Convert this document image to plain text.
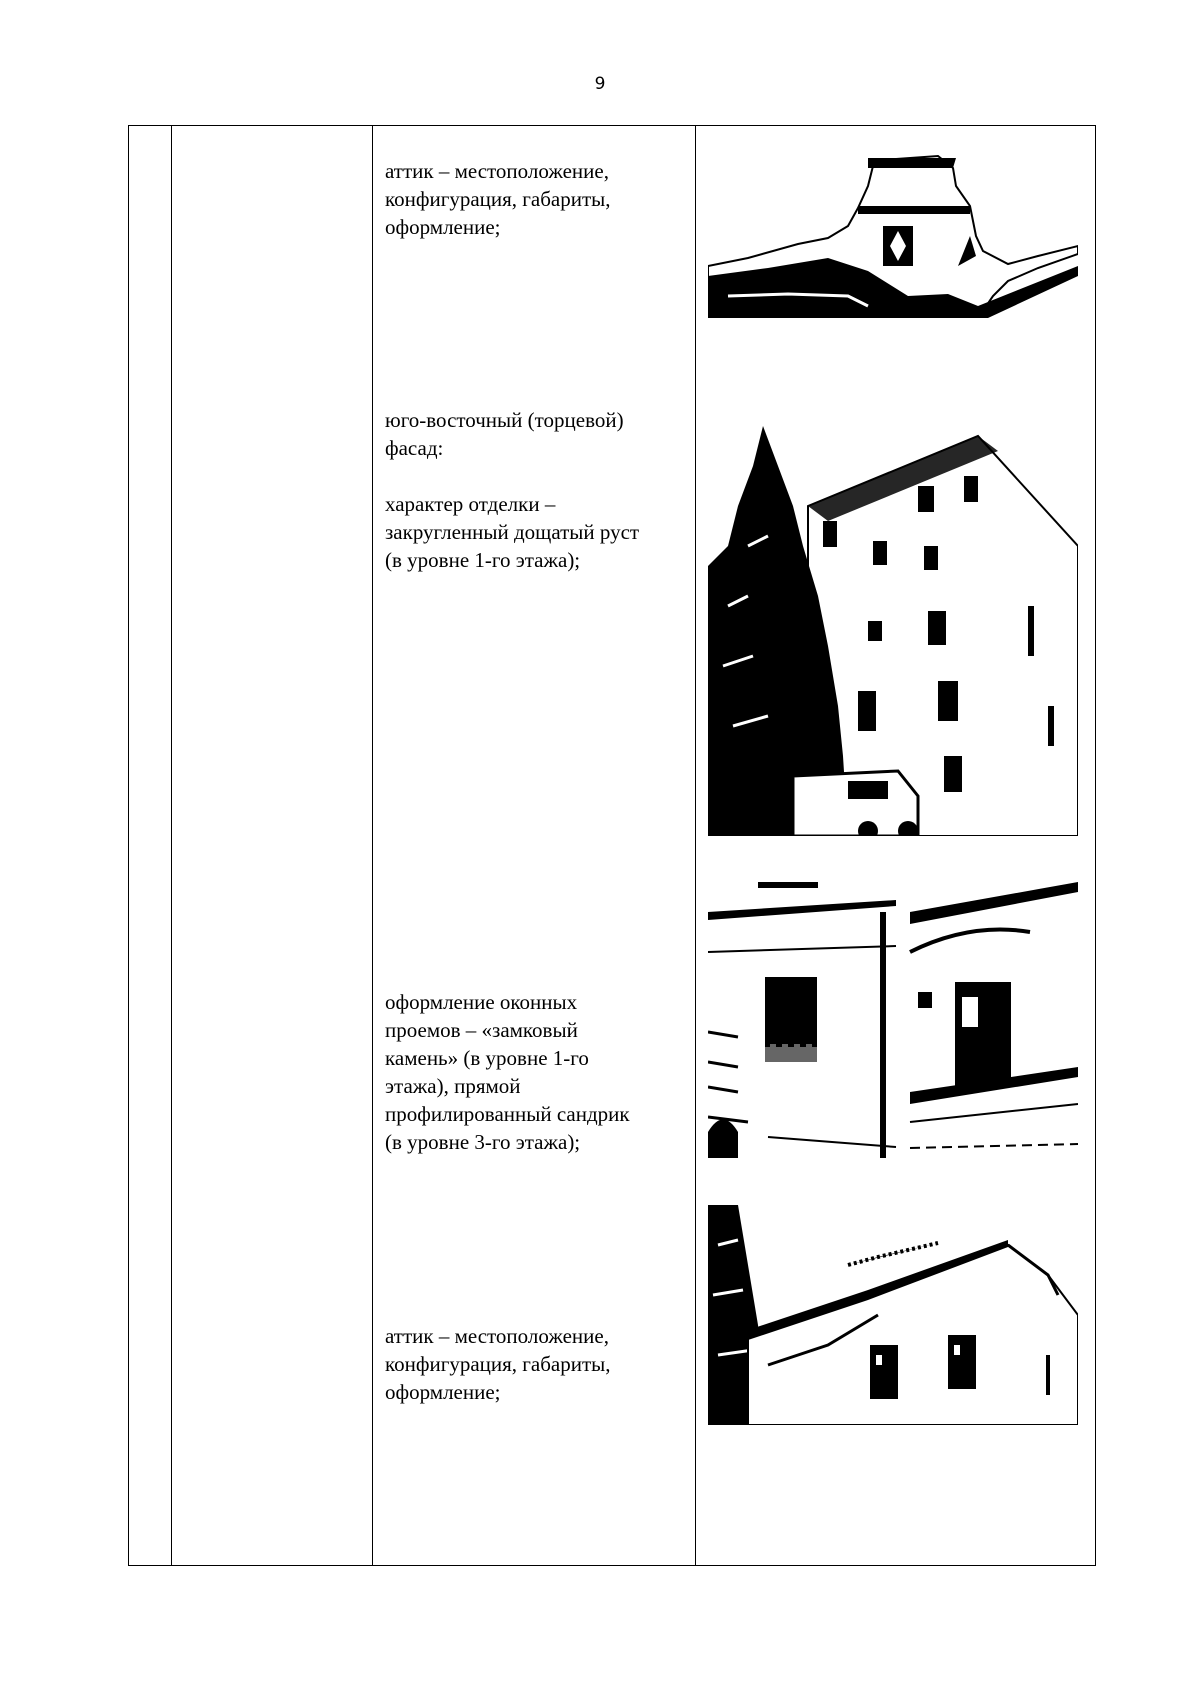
9

аттик – местоположение,
конфигурация, габариты,
оформление;

юго-восточный (торцевой)
фасад:

характер отделки –
закругленный дощатый руст
(в уровне 1-го этажа);

оформление оконных
проемов – «замковый
камень» (в уровне 1-го
этажа), прямой
профилированный сандрик
(в уровне 3-го этажа);

аттик – местоположение,
конфигурация, габариты,
оформление;
